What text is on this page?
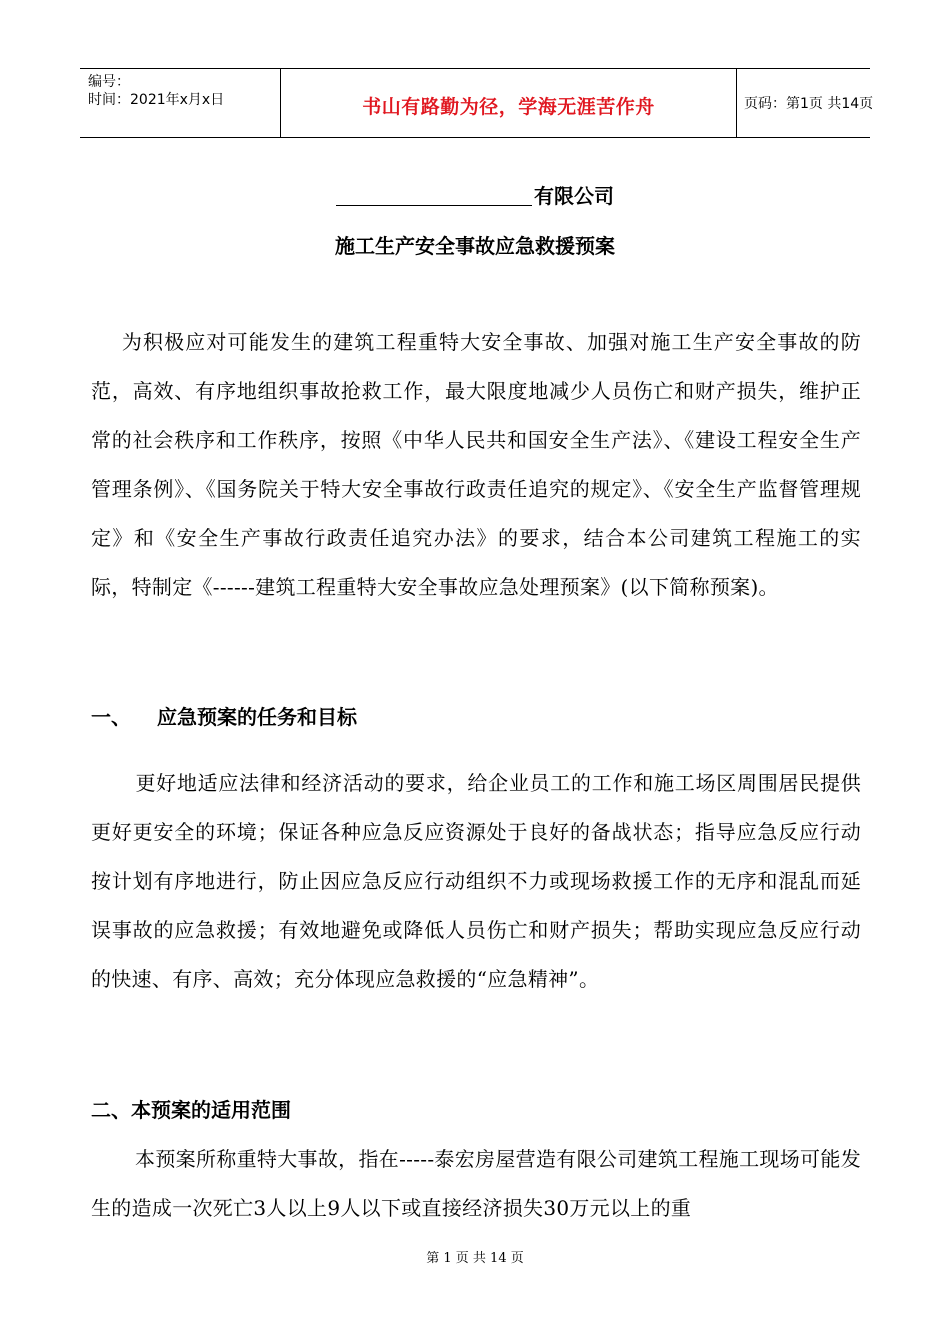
编号：
时间：2021年x月x日	书山有路勤为径，学海无涯苦作舟	页码：第1页 共14页
有限公司
施工生产安全事故应急救援预案
为积极应对可能发生的建筑工程重特大安全事故、加强对施工生产安全事故的防范，高效、有序地组织事故抢救工作，最大限度地减少人员伤亡和财产损失，维护正常的社会秩序和工作秩序，按照《中华人民共和国安全生产法》、《建设工程安全生产管理条例》、《国务院关于特大安全事故行政责任追究的规定》、《安全生产监督管理规定》和《安全生产事故行政责任追究办法》的要求，结合本公司建筑工程施工的实际，特制定《------建筑工程重特大安全事故应急处理预案》(以下简称预案)。
一、 应急预案的任务和目标
更好地适应法律和经济活动的要求，给企业员工的工作和施工场区周围居民提供更好更安全的环境；保证各种应急反应资源处于良好的备战状态；指导应急反应行动按计划有序地进行，防止因应急反应行动组织不力或现场救援工作的无序和混乱而延误事故的应急救援；有效地避免或降低人员伤亡和财产损失；帮助实现应急反应行动的快速、有序、高效；充分体现应急救援的“应急精神”。
二、本预案的适用范围
本预案所称重特大事故，指在-----泰宏房屋营造有限公司建筑工程施工现场可能发生的造成一次死亡3人以上9人以下或直接经济损失30万元以上的重
第 1 页 共 14 页
